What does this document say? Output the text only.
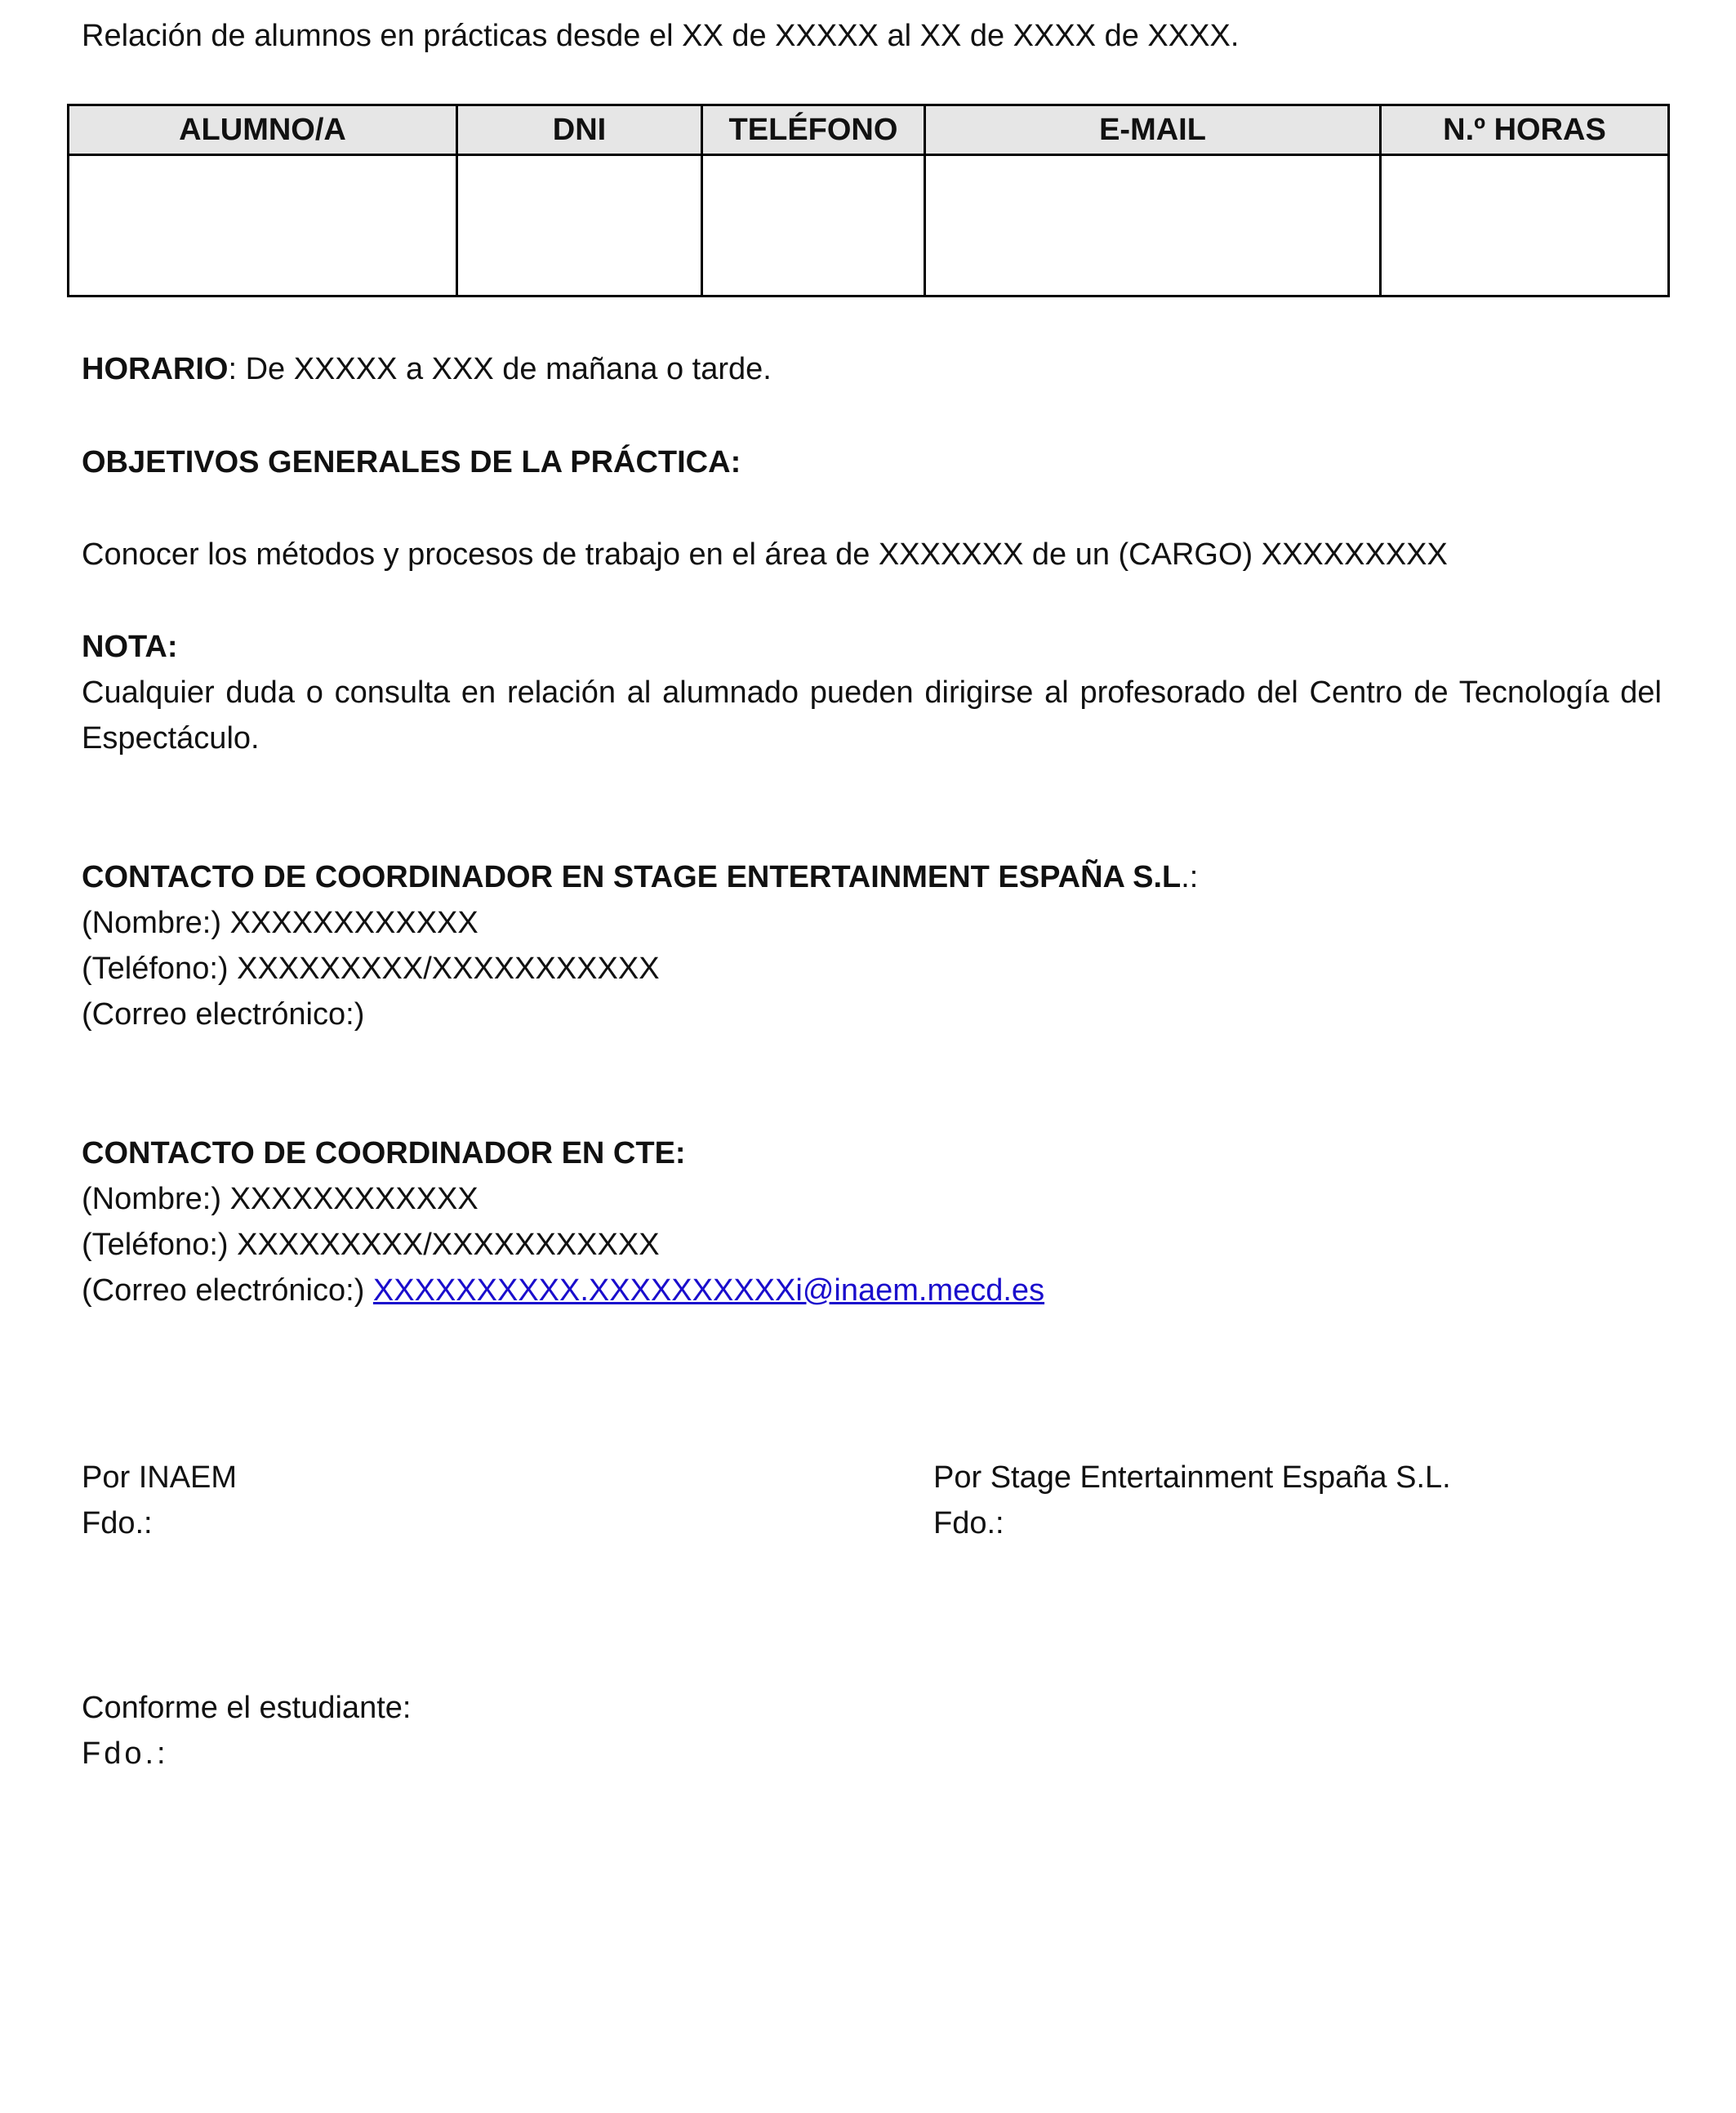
Relación de alumnos en prácticas desde el XX de XXXXX al XX de XXXX de XXXX.

ALUMNO/A	DNI	TELÉFONO	E-MAIL	N.º HORAS

HORARIO: De XXXXX a XXX de mañana o tarde.

OBJETIVOS GENERALES DE LA PRÁCTICA:

Conocer los métodos y procesos de trabajo en el área de XXXXXXX de un (CARGO) XXXXXXXXX

NOTA:

Cualquier duda o consulta en relación al alumnado pueden dirigirse al profesorado del Centro de Tecnología del Espectáculo.

CONTACTO DE COORDINADOR EN STAGE ENTERTAINMENT ESPAÑA S.L.:
(Nombre:) XXXXXXXXXXXX
(Teléfono:) XXXXXXXXX/XXXXXXXXXXX
(Correo electrónico:)
CONTACTO DE COORDINADOR EN CTE:
(Nombre:) XXXXXXXXXXXX
(Teléfono:) XXXXXXXXX/XXXXXXXXXXX
(Correo electrónico:) XXXXXXXXXX.XXXXXXXXXXi@inaem.mecd.es
Por INAEM
Fdo.:
Por Stage Entertainment España S.L.
Fdo.:
Conforme el estudiante:
Fdo.:
